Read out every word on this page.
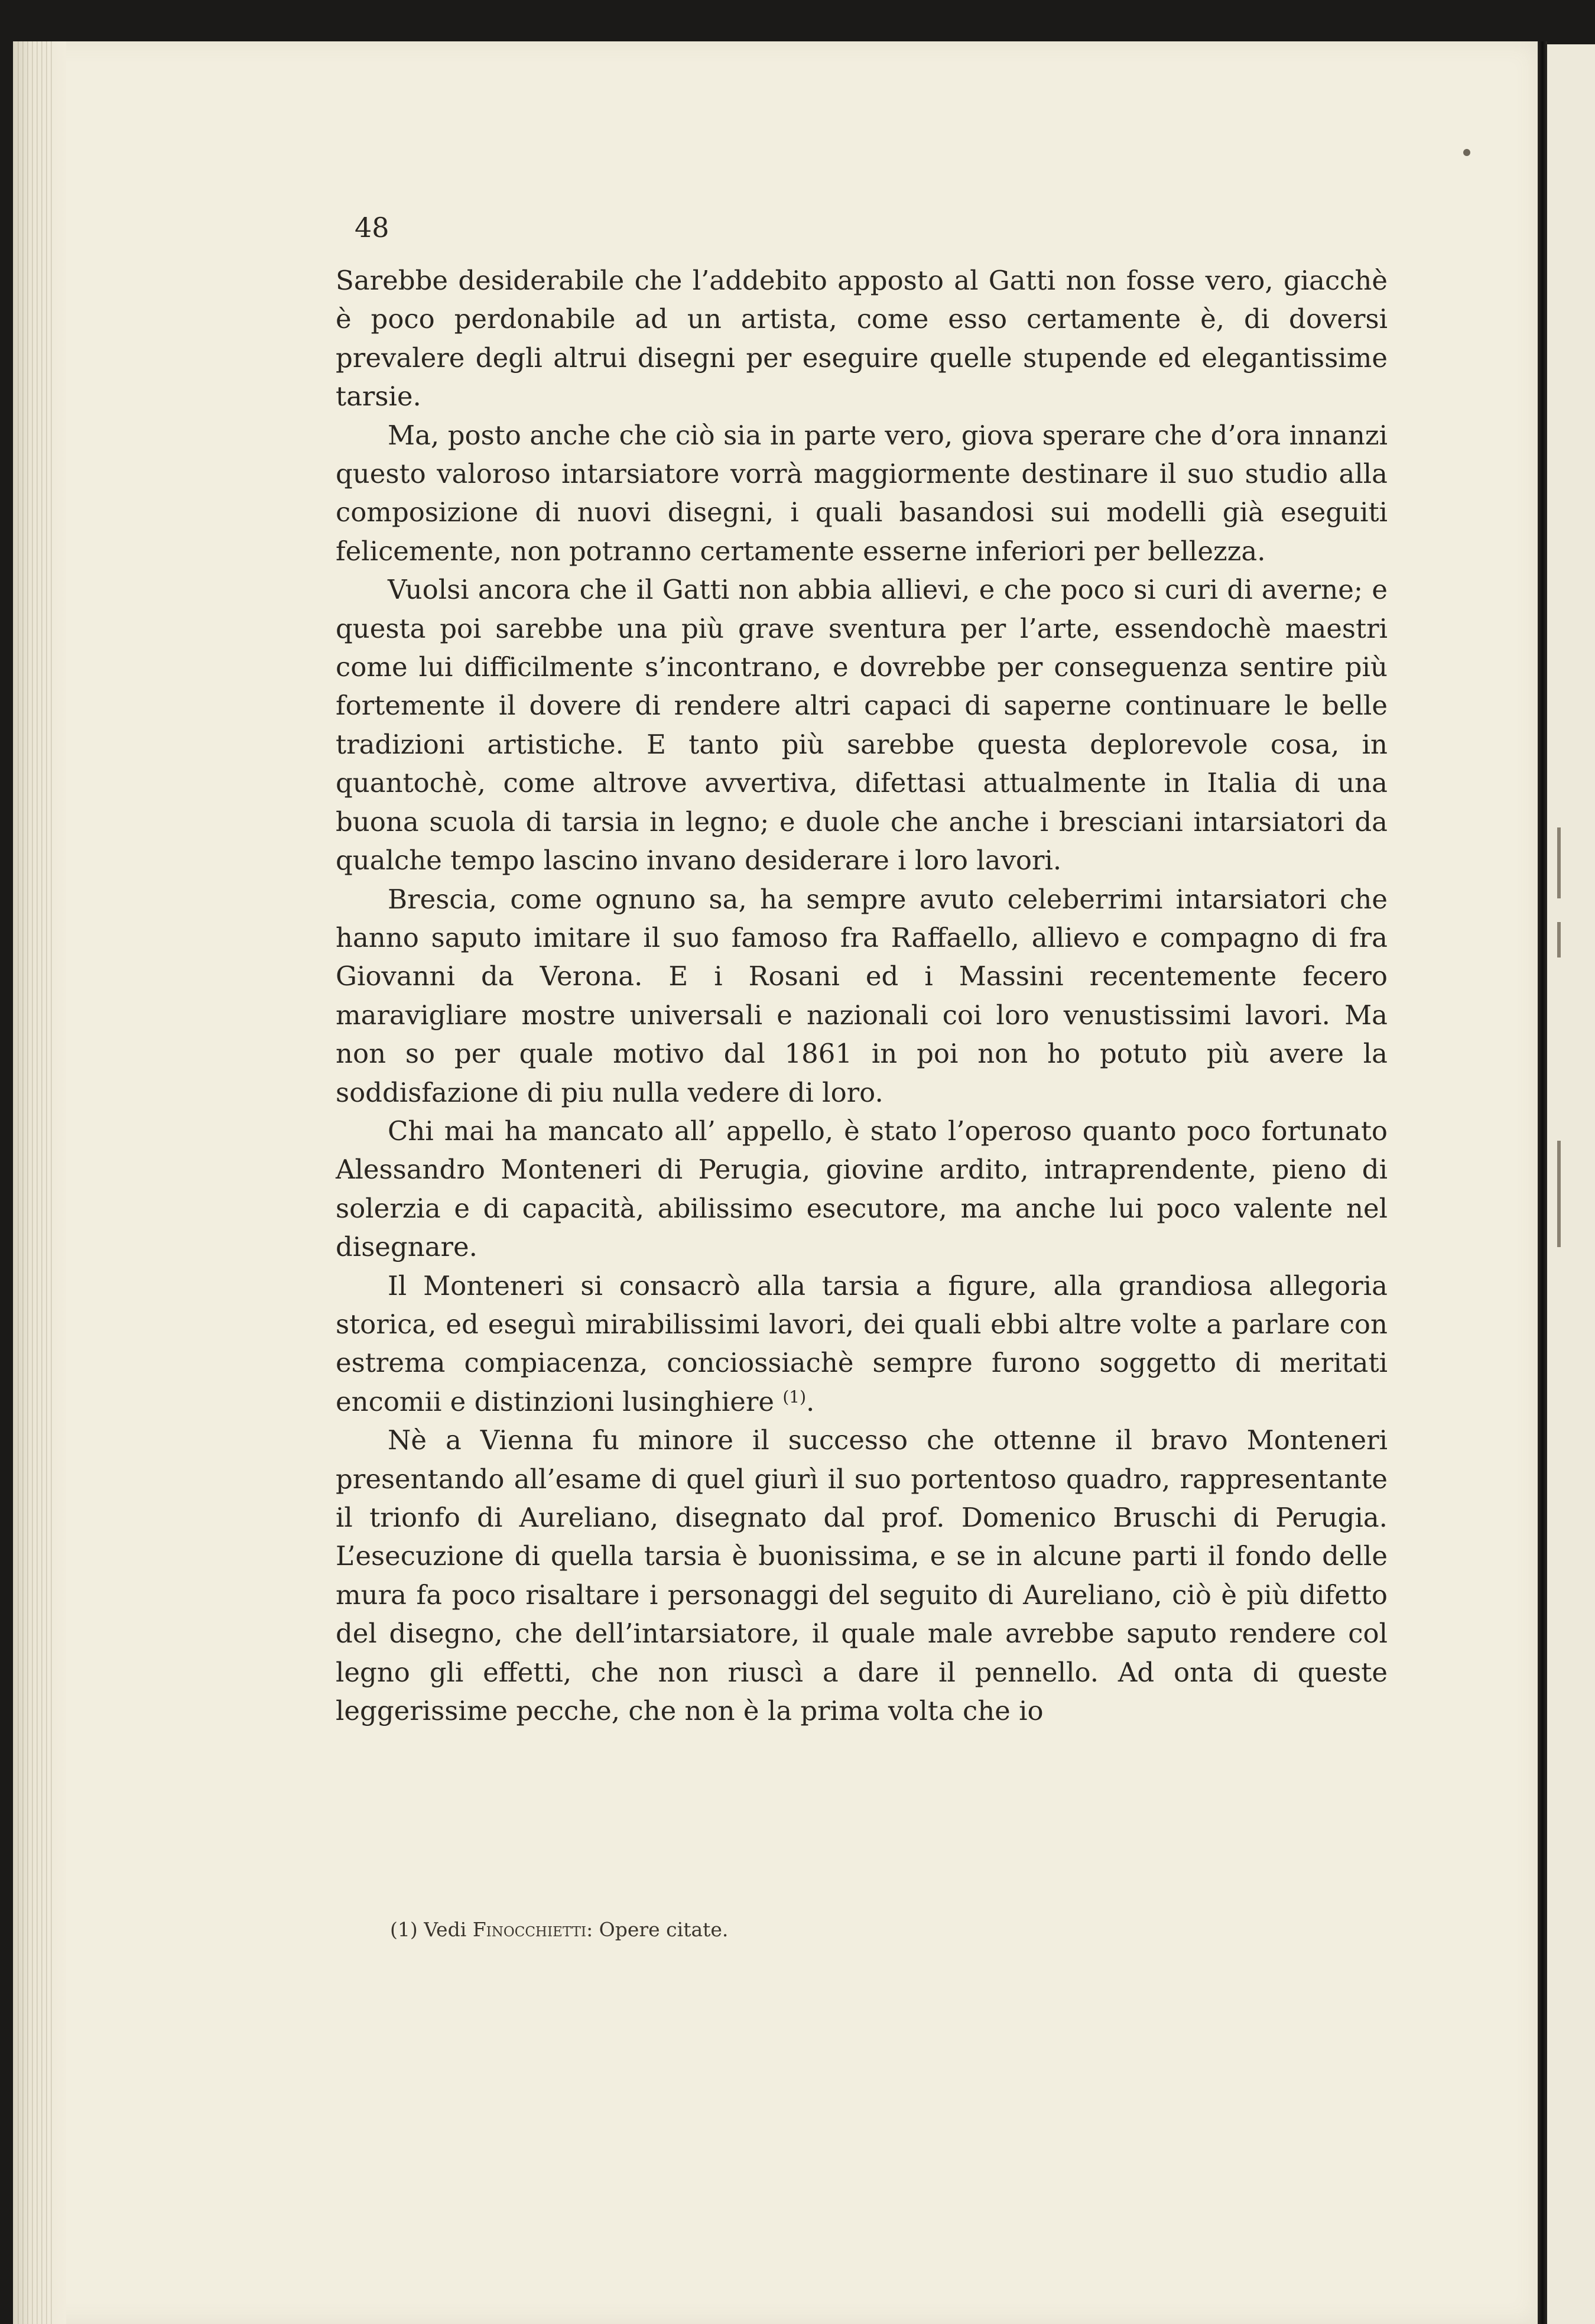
48

Sarebbe desiderabile che l’addebito apposto al Gatti non fosse vero, giacchè è poco perdonabile ad un artista, come esso certamente è, di doversi prevalere degli altrui disegni per eseguire quelle stupende ed elegantissime tarsie.

Ma, posto anche che ciò sia in parte vero, giova sperare che d’ora innanzi questo valoroso intarsiatore vorrà maggiormente destinare il suo studio alla composizione di nuovi disegni, i quali basandosi sui modelli già eseguiti felicemente, non potranno certamente esserne inferiori per bellezza.

Vuolsi ancora che il Gatti non abbia allievi, e che poco si curi di averne; e questa poi sarebbe una più grave sventura per l’arte, essendochè maestri come lui difficilmente s’incontrano, e dovrebbe per conseguenza sentire più fortemente il dovere di rendere altri capaci di saperne continuare le belle tradizioni artistiche. E tanto più sarebbe questa deplorevole cosa, in quantochè, come altrove avvertiva, difettasi attualmente in Italia di una buona scuola di tarsia in legno; e duole che anche i bresciani intarsiatori da qualche tempo lascino invano desiderare i loro lavori.

Brescia, come ognuno sa, ha sempre avuto celeberrimi intarsiatori che hanno saputo imitare il suo famoso fra Raffaello, allievo e compagno di fra Giovanni da Verona. E i Rosani ed i Massini recentemente fecero maravigliare mostre universali e nazionali coi loro venustissimi lavori. Ma non so per quale motivo dal 1861 in poi non ho potuto più avere la soddisfazione di piu nulla vedere di loro.

Chi mai ha mancato all’ appello, è stato l’operoso quanto poco fortunato Alessandro Monteneri di Perugia, giovine ardito, intraprendente, pieno di solerzia e di capacità, abilissimo esecutore, ma anche lui poco valente nel disegnare.

Il Monteneri si consacrò alla tarsia a figure, alla grandiosa allegoria storica, ed eseguì mirabilissimi lavori, dei quali ebbi altre volte a parlare con estrema compiacenza, conciossiachè sempre furono soggetto di meritati encomii e distinzioni lusinghiere $^{(1)}$.

Nè a Vienna fu minore il successo che ottenne il bravo Monteneri presentando all’esame di quel giurì il suo portentoso quadro, rappresentante il trionfo di Aureliano, disegnato dal prof. Domenico Bruschi di Perugia. L’esecuzione di quella tarsia è buonissima, e se in alcune parti il fondo delle mura fa poco risaltare i personaggi del seguito di Aureliano, ciò è più difetto del disegno, che dell’intarsiatore, il quale male avrebbe saputo rendere col legno gli effetti, che non riuscì a dare il pennello. Ad onta di queste leggerissime pecche, che non è la prima volta che io

(1) Vedi Finocchietti: Opere citate.
